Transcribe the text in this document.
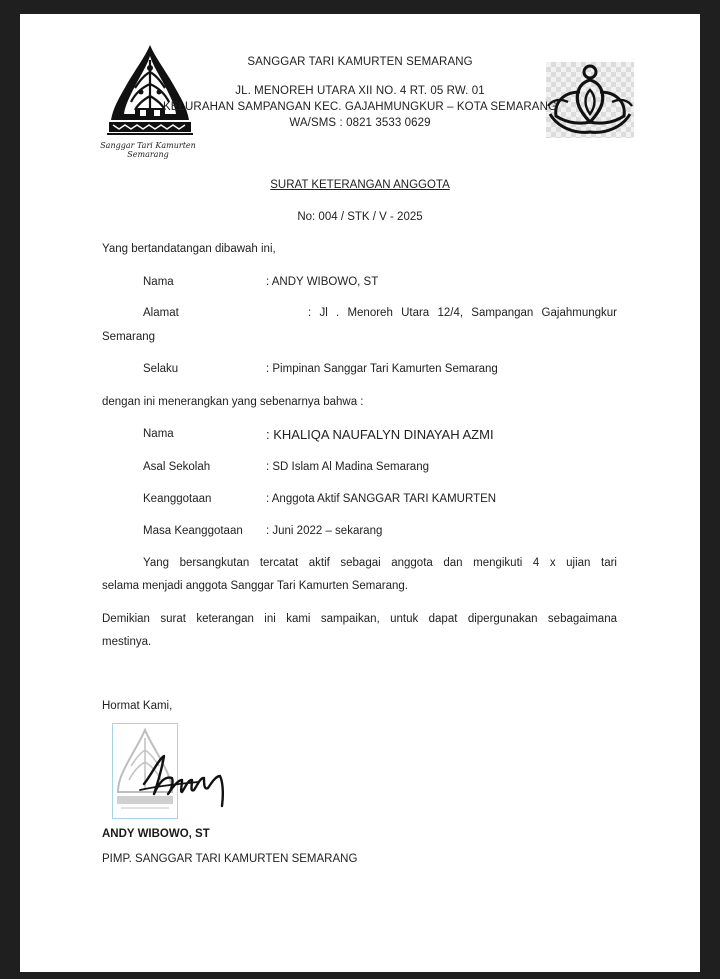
Sanggar Tari Kamurten
Semarang
SANGGAR TARI KAMURTEN SEMARANG
JL. MENOREH UTARA XII NO. 4 RT. 05 RW. 01
KELURAHAN SAMPANGAN KEC. GAJAHMUNGKUR – KOTA SEMARANG
WA/SMS : 0821 3533 0629
SURAT KETERANGAN ANGGOTA
No: 004 / STK / V - 2025
Yang bertandatangan dibawah ini,
Nama	: ANDY WIBOWO, ST
Alamat	: Jl . Menoreh Utara 12/4, Sampangan Gajahmungkur
Semarang
Selaku	: Pimpinan Sanggar Tari Kamurten Semarang
dengan ini menerangkan yang sebenarnya bahwa :
Nama	: KHALIQA NAUFALYN DINAYAH AZMI
Asal Sekolah	: SD Islam Al Madina Semarang
Keanggotaan	: Anggota Aktif SANGGAR TARI KAMURTEN
Masa Keanggotaan : Juni 2022 – sekarang
Yang bersangkutan tercatat aktif sebagai anggota dan mengikuti 4 x ujian tari
selama menjadi anggota Sanggar Tari Kamurten Semarang.
Demikian surat keterangan ini kami sampaikan, untuk dapat dipergunakan sebagaimana
mestinya.
Hormat Kami,
ANDY WIBOWO, ST
PIMP. SANGGAR TARI KAMURTEN SEMARANG
